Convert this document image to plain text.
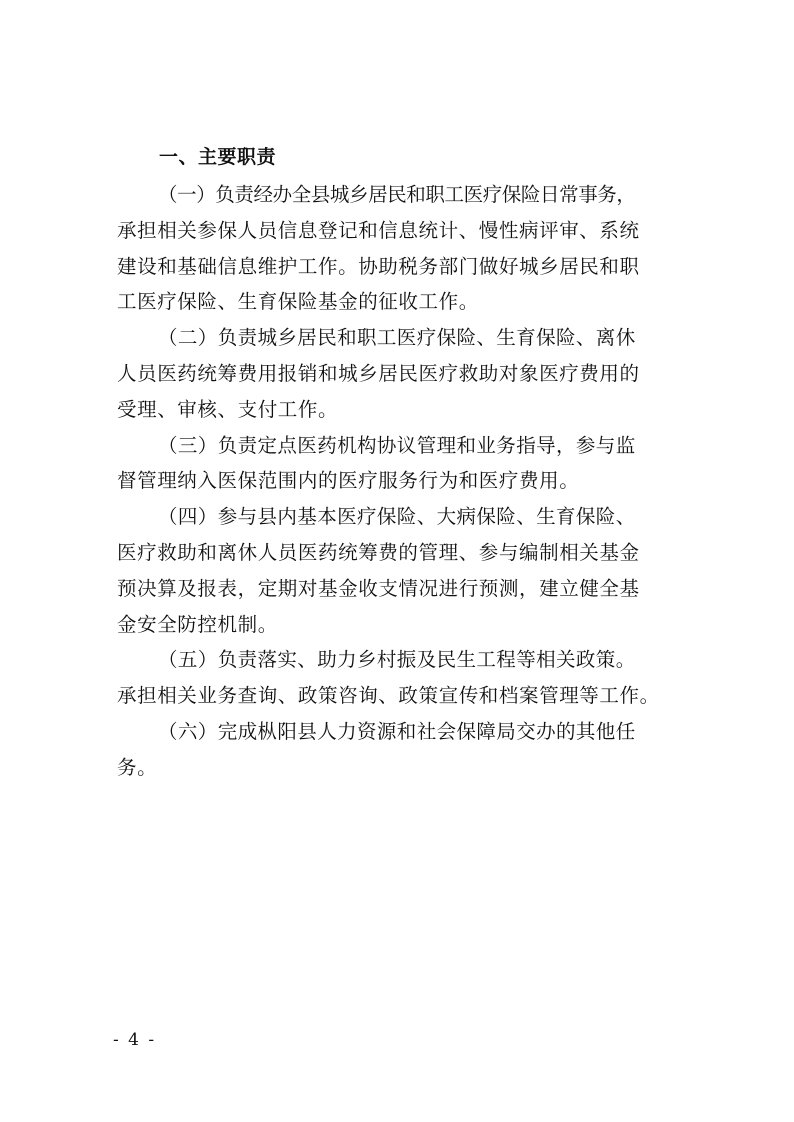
一、主要职责
（一）负责经办全县城乡居民和职工医疗保险日常事务，
承担相关参保人员信息登记和信息统计、慢性病评审、系统
建设和基础信息维护工作。协助税务部门做好城乡居民和职
工医疗保险、生育保险基金的征收工作。
（二）负责城乡居民和职工医疗保险、生育保险、离休
人员医药统筹费用报销和城乡居民医疗救助对象医疗费用的
受理、审核、支付工作。
（三）负责定点医药机构协议管理和业务指导，参与监
督管理纳入医保范围内的医疗服务行为和医疗费用。
（四）参与县内基本医疗保险、大病保险、生育保险、
医疗救助和离休人员医药统筹费的管理、参与编制相关基金
预决算及报表，定期对基金收支情况进行预测，建立健全基
金安全防控机制。
（五）负责落实、助力乡村振及民生工程等相关政策。
承担相关业务查询、政策咨询、政策宣传和档案管理等工作。
（六）完成枞阳县人力资源和社会保障局交办的其他任
务。
- 4 -
